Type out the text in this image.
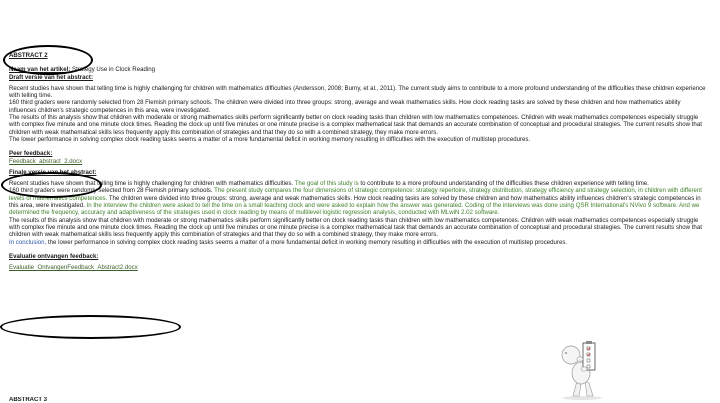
ABSTRACT 2

Naam van het artikel: Strategy Use in Clock Reading

Draft versie van het abstract:

Recent studies have shown that telling time is highly challenging for children with mathematics difficulties (Andersson, 2008; Burny, et al., 2011). The current study aims to contribute to a more profound understanding of the difficulties these children experience with telling time.

160 third graders were randomly selected from 28 Flemish primary schools. The children were divided into three groups: strong, average and weak mathematics skills. How clock reading tasks are solved by these children and how mathematics ability influences children's strategic competences in this area, were investigated.

The results of this analysis show that children with moderate or strong mathematics skills perform significantly better on clock reading tasks than children with low mathematics competences. Children with weak mathematics competences especially struggle with complex five minute and one minute clock times. Reading the clock up until five minutes or one minute precise is a complex mathematical task that demands an accurate combination of conceptual and procedural strategies. The current results show that children with weak mathematical skills less frequently apply this combination of strategies and that they do so with a combined strategy, they make more errors.

The lower performance in solving complex clock reading tasks seems a matter of a more fundamental deficit in working memory resulting in difficulties with the execution of multistep procedures.

Peer feedback:

Feedback_abstract_2.docx

Finale versie van het abstract:

Recent studies have shown that telling time is highly challenging for children with mathematics difficulties. The goal of this study is to contribute to a more profound understanding of the difficulties these children experience with telling time.

160 third graders were randomly selected from 28 Flemish primary schools. The present study compares the four dimensions of strategic competence: strategy repertoire, strategy distribution, strategy efficiency and strategy selection, in children with different levels of mathematics competences. The children were divided into three groups: strong, average and weak mathematics skills. How clock reading tasks are solved by these children and how mathematics ability influences children's strategic competences in this area, were investigated. In the interview the children were asked to tell the time on a small teaching clock and were asked to explain how the answer was generated. Coding of the interviews was done using QSR International's NVivo 9 software. And we determined the frequency, accuracy and adaptiveness of the strategies used in clock reading by means of multilevel logistic regression analysis, conducted with MLwiN 2.02 software.

The results of this analysis show that children with moderate or strong mathematics skills perform significantly better on clock reading tasks than children with low mathematics competences. Children with weak mathematics competences especially struggle with complex five minute and one minute clock times. Reading the clock up until five minutes or one minute precise is a complex mathematical task that demands an accurate combination of conceptual and procedural strategies. The current results show that children with weak mathematical skills less frequently apply this combination of strategies and that they do so with a combined strategy, they make more errors.

In conclusion, the lower performance in solving complex clock reading tasks seems a matter of a more fundamental deficit in working memory resulting in difficulties with the execution of multistep procedures.

Evaluatie ontvangen feedback:

Evaluatie_OntvangenFeedback_Abstract2.docx

ABSTRACT 3
